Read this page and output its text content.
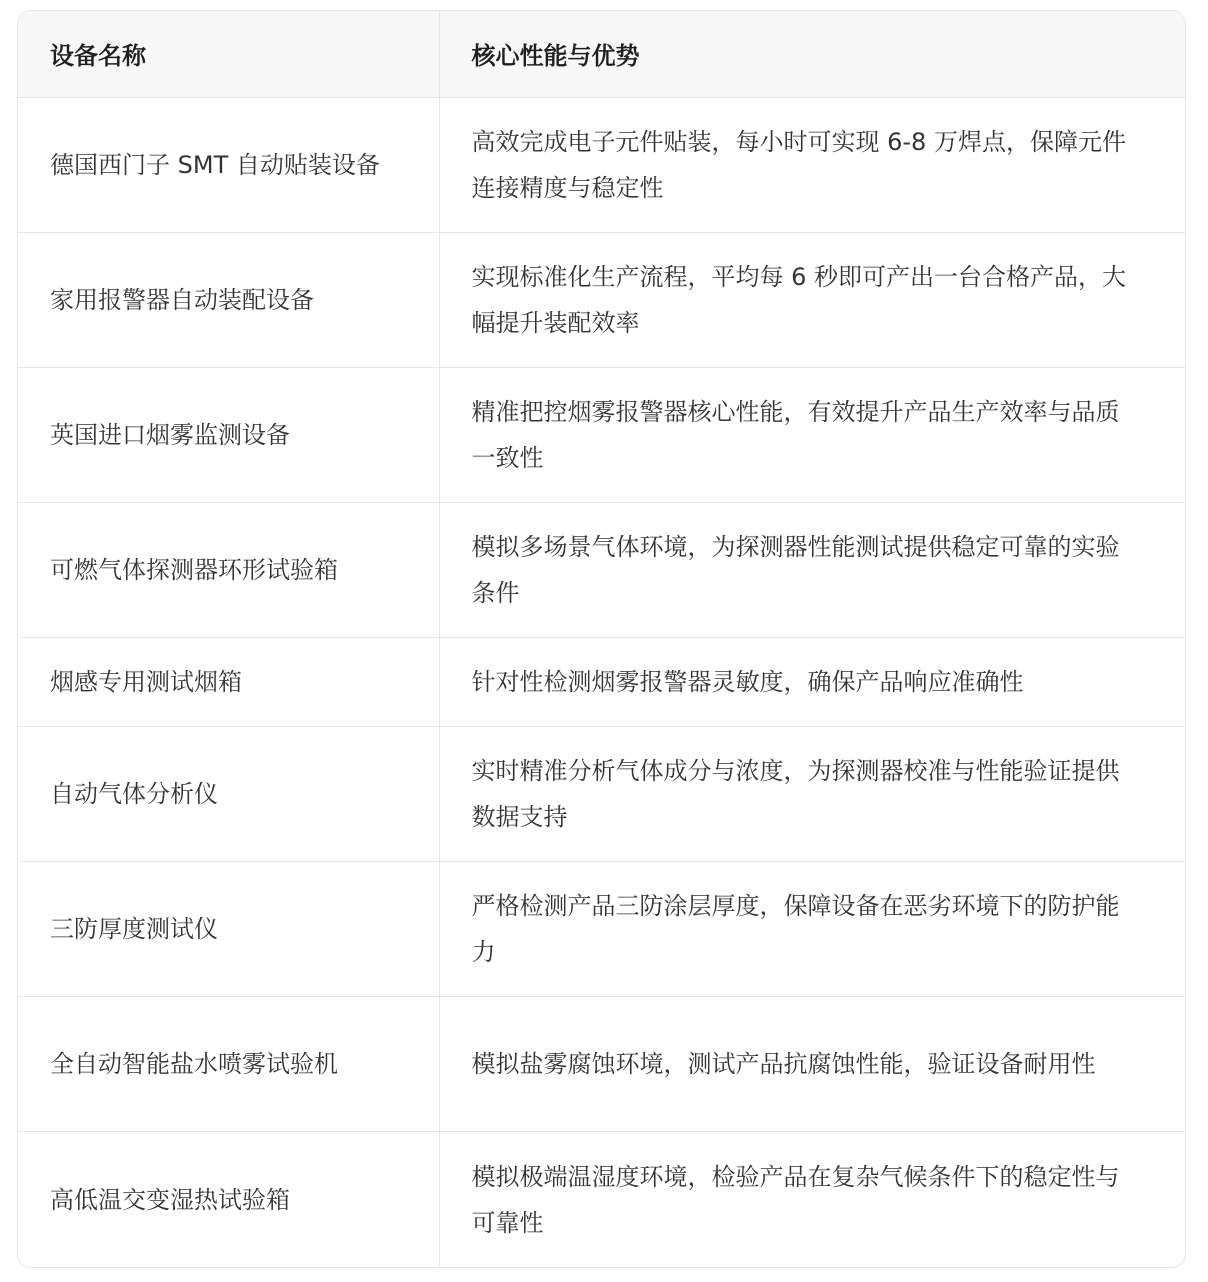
设备名称	核心性能与优势
德国西门子 SMT 自动贴装设备	高效完成电子元件贴装，每小时可实现 6-8 万焊点，保障元件连接精度与稳定性
家用报警器自动装配设备	实现标准化生产流程，平均每 6 秒即可产出一台合格产品，大幅提升装配效率
英国进口烟雾监测设备	精准把控烟雾报警器核心性能，有效提升产品生产效率与品质一致性
可燃气体探测器环形试验箱	模拟多场景气体环境，为探测器性能测试提供稳定可靠的实验条件
烟感专用测试烟箱	针对性检测烟雾报警器灵敏度，确保产品响应准确性
自动气体分析仪	实时精准分析气体成分与浓度，为探测器校准与性能验证提供数据支持
三防厚度测试仪	严格检测产品三防涂层厚度，保障设备在恶劣环境下的防护能力
全自动智能盐水喷雾试验机	模拟盐雾腐蚀环境，测试产品抗腐蚀性能，验证设备耐用性
高低温交变湿热试验箱	模拟极端温湿度环境，检验产品在复杂气候条件下的稳定性与可靠性
